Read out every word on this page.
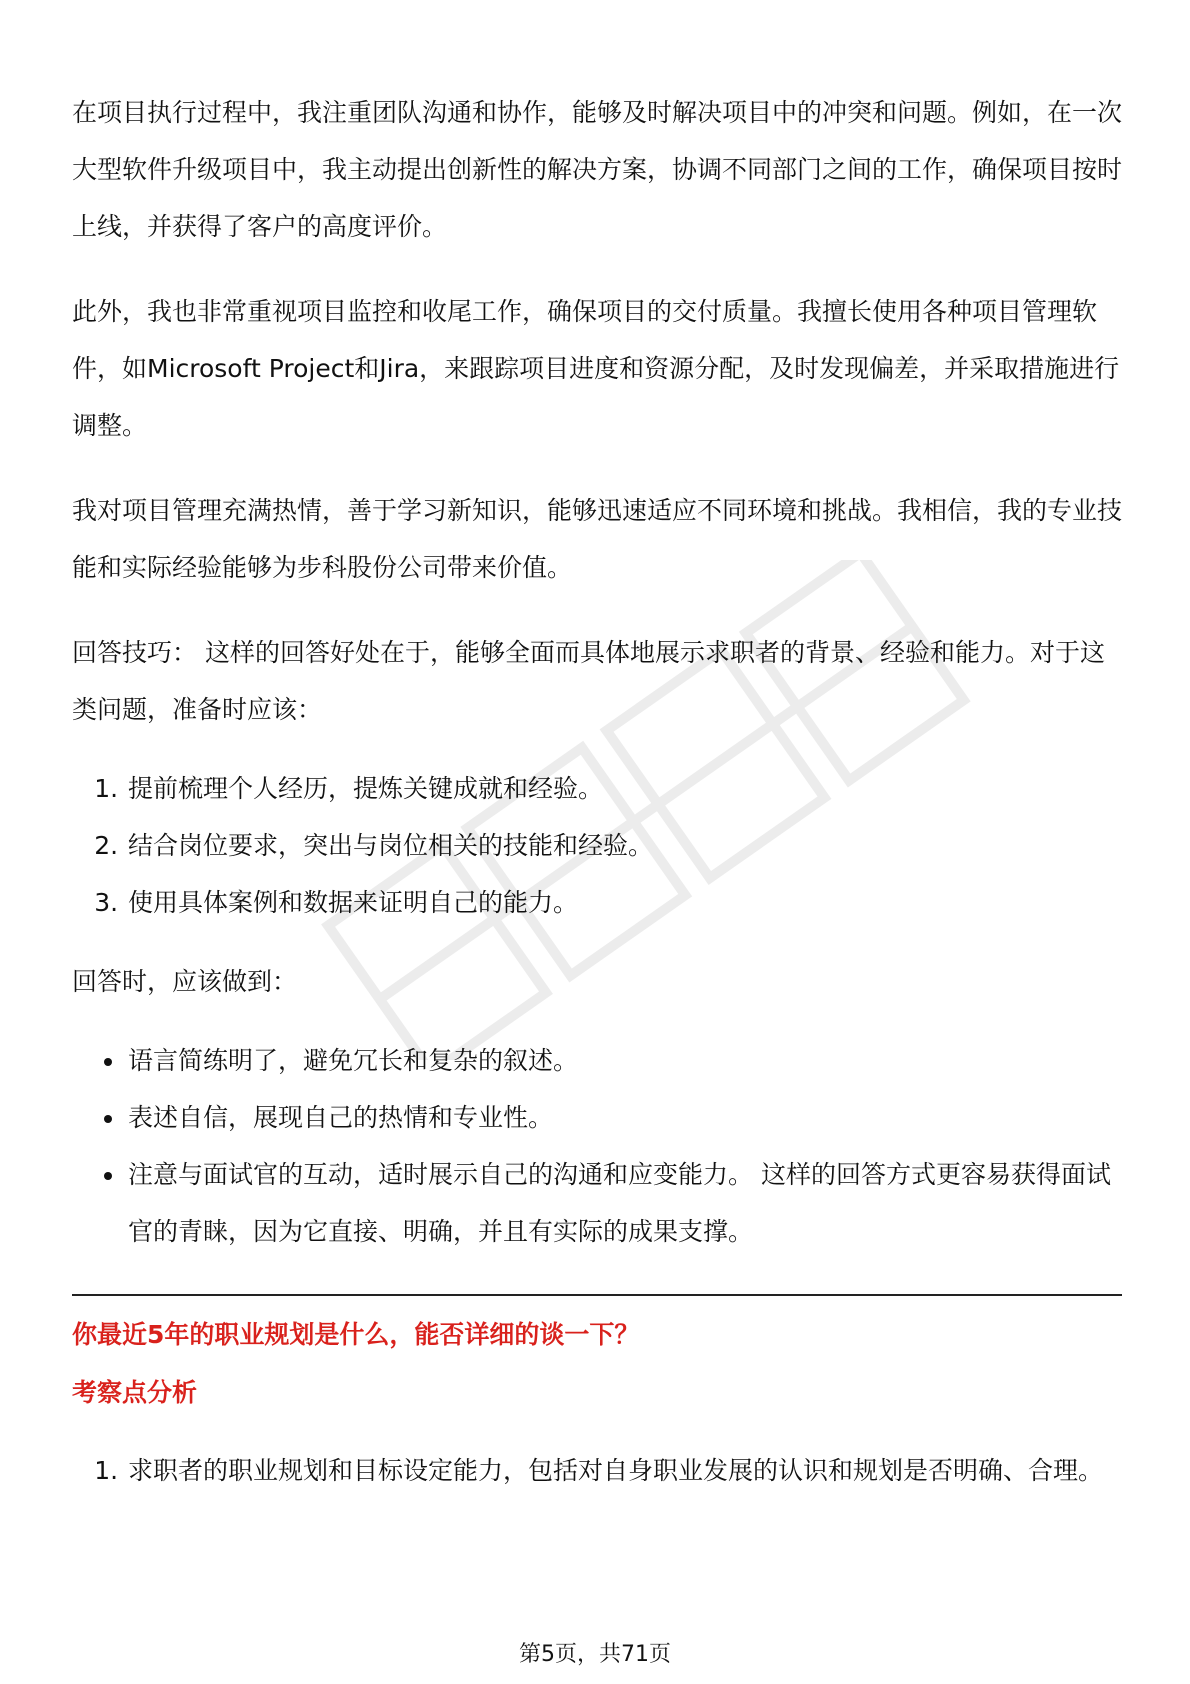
在项目执行过程中，我注重团队沟通和协作，能够及时解决项目中的冲突和问题。例如，在一次大型软件升级项目中，我主动提出创新性的解决方案，协调不同部门之间的工作，确保项目按时上线，并获得了客户的高度评价。

此外，我也非常重视项目监控和收尾工作，确保项目的交付质量。我擅长使用各种项目管理软件，如Microsoft Project和Jira，来跟踪项目进度和资源分配，及时发现偏差，并采取措施进行调整。

我对项目管理充满热情，善于学习新知识，能够迅速适应不同环境和挑战。我相信，我的专业技能和实际经验能够为步科股份公司带来价值。

回答技巧： 这样的回答好处在于，能够全面而具体地展示求职者的背景、经验和能力。对于这类问题，准备时应该：

1. 提前梳理个人经历，提炼关键成就和经验。
2. 结合岗位要求，突出与岗位相关的技能和经验。
3. 使用具体案例和数据来证明自己的能力。

回答时，应该做到：

• 语言简练明了，避免冗长和复杂的叙述。
• 表述自信，展现自己的热情和专业性。
• 注意与面试官的互动，适时展示自己的沟通和应变能力。 这样的回答方式更容易获得面试官的青睐，因为它直接、明确，并且有实际的成果支撑。

你最近5年的职业规划是什么，能否详细的谈一下？

考察点分析

1. 求职者的职业规划和目标设定能力，包括对自身职业发展的认识和规划是否明确、合理。
第5页，共71页
